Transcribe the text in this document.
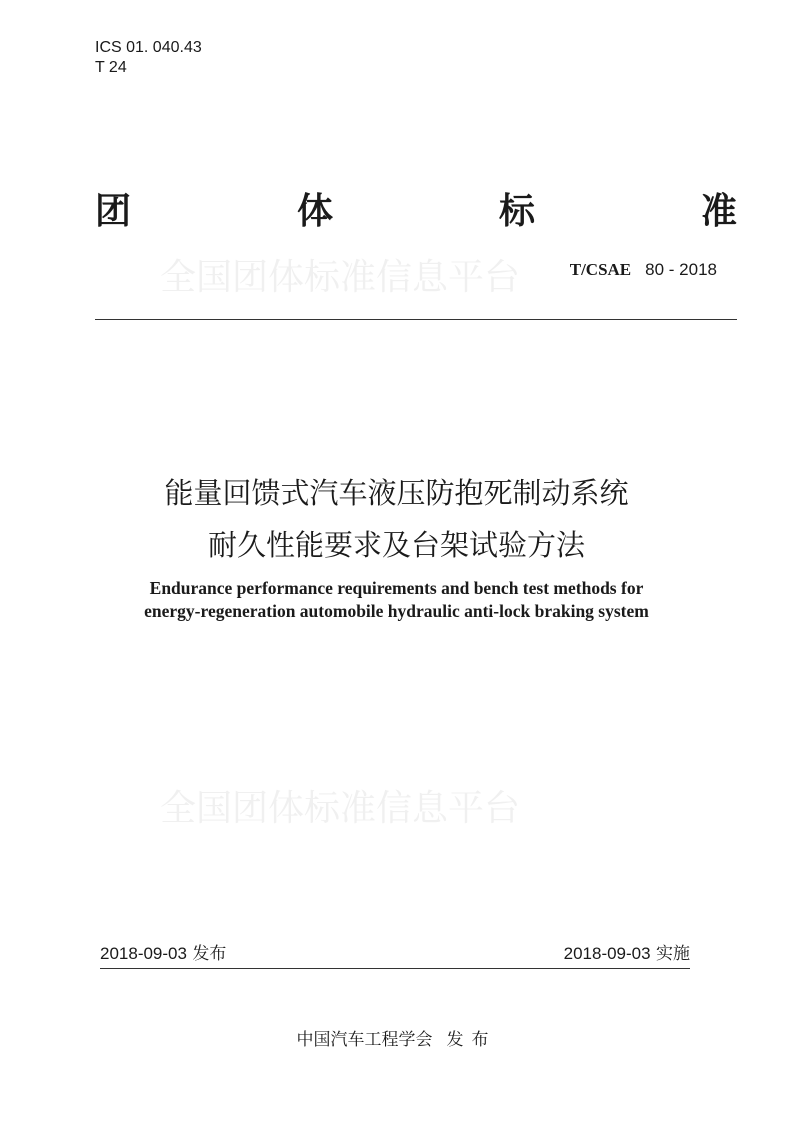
ICS 01. 040.43
T 24
团	体	标	准
全国团体标准信息平台	T/CSAE 80 - 2018
能量回馈式汽车液压防抱死制动系统
耐久性能要求及台架试验方法
Endurance performance requirements and bench test methods for
energy-regeneration automobile hydraulic anti-lock braking system
全国团体标准信息平台
2018-09-03 发布	2018-09-03 实施
中国汽车工程学会 发布
